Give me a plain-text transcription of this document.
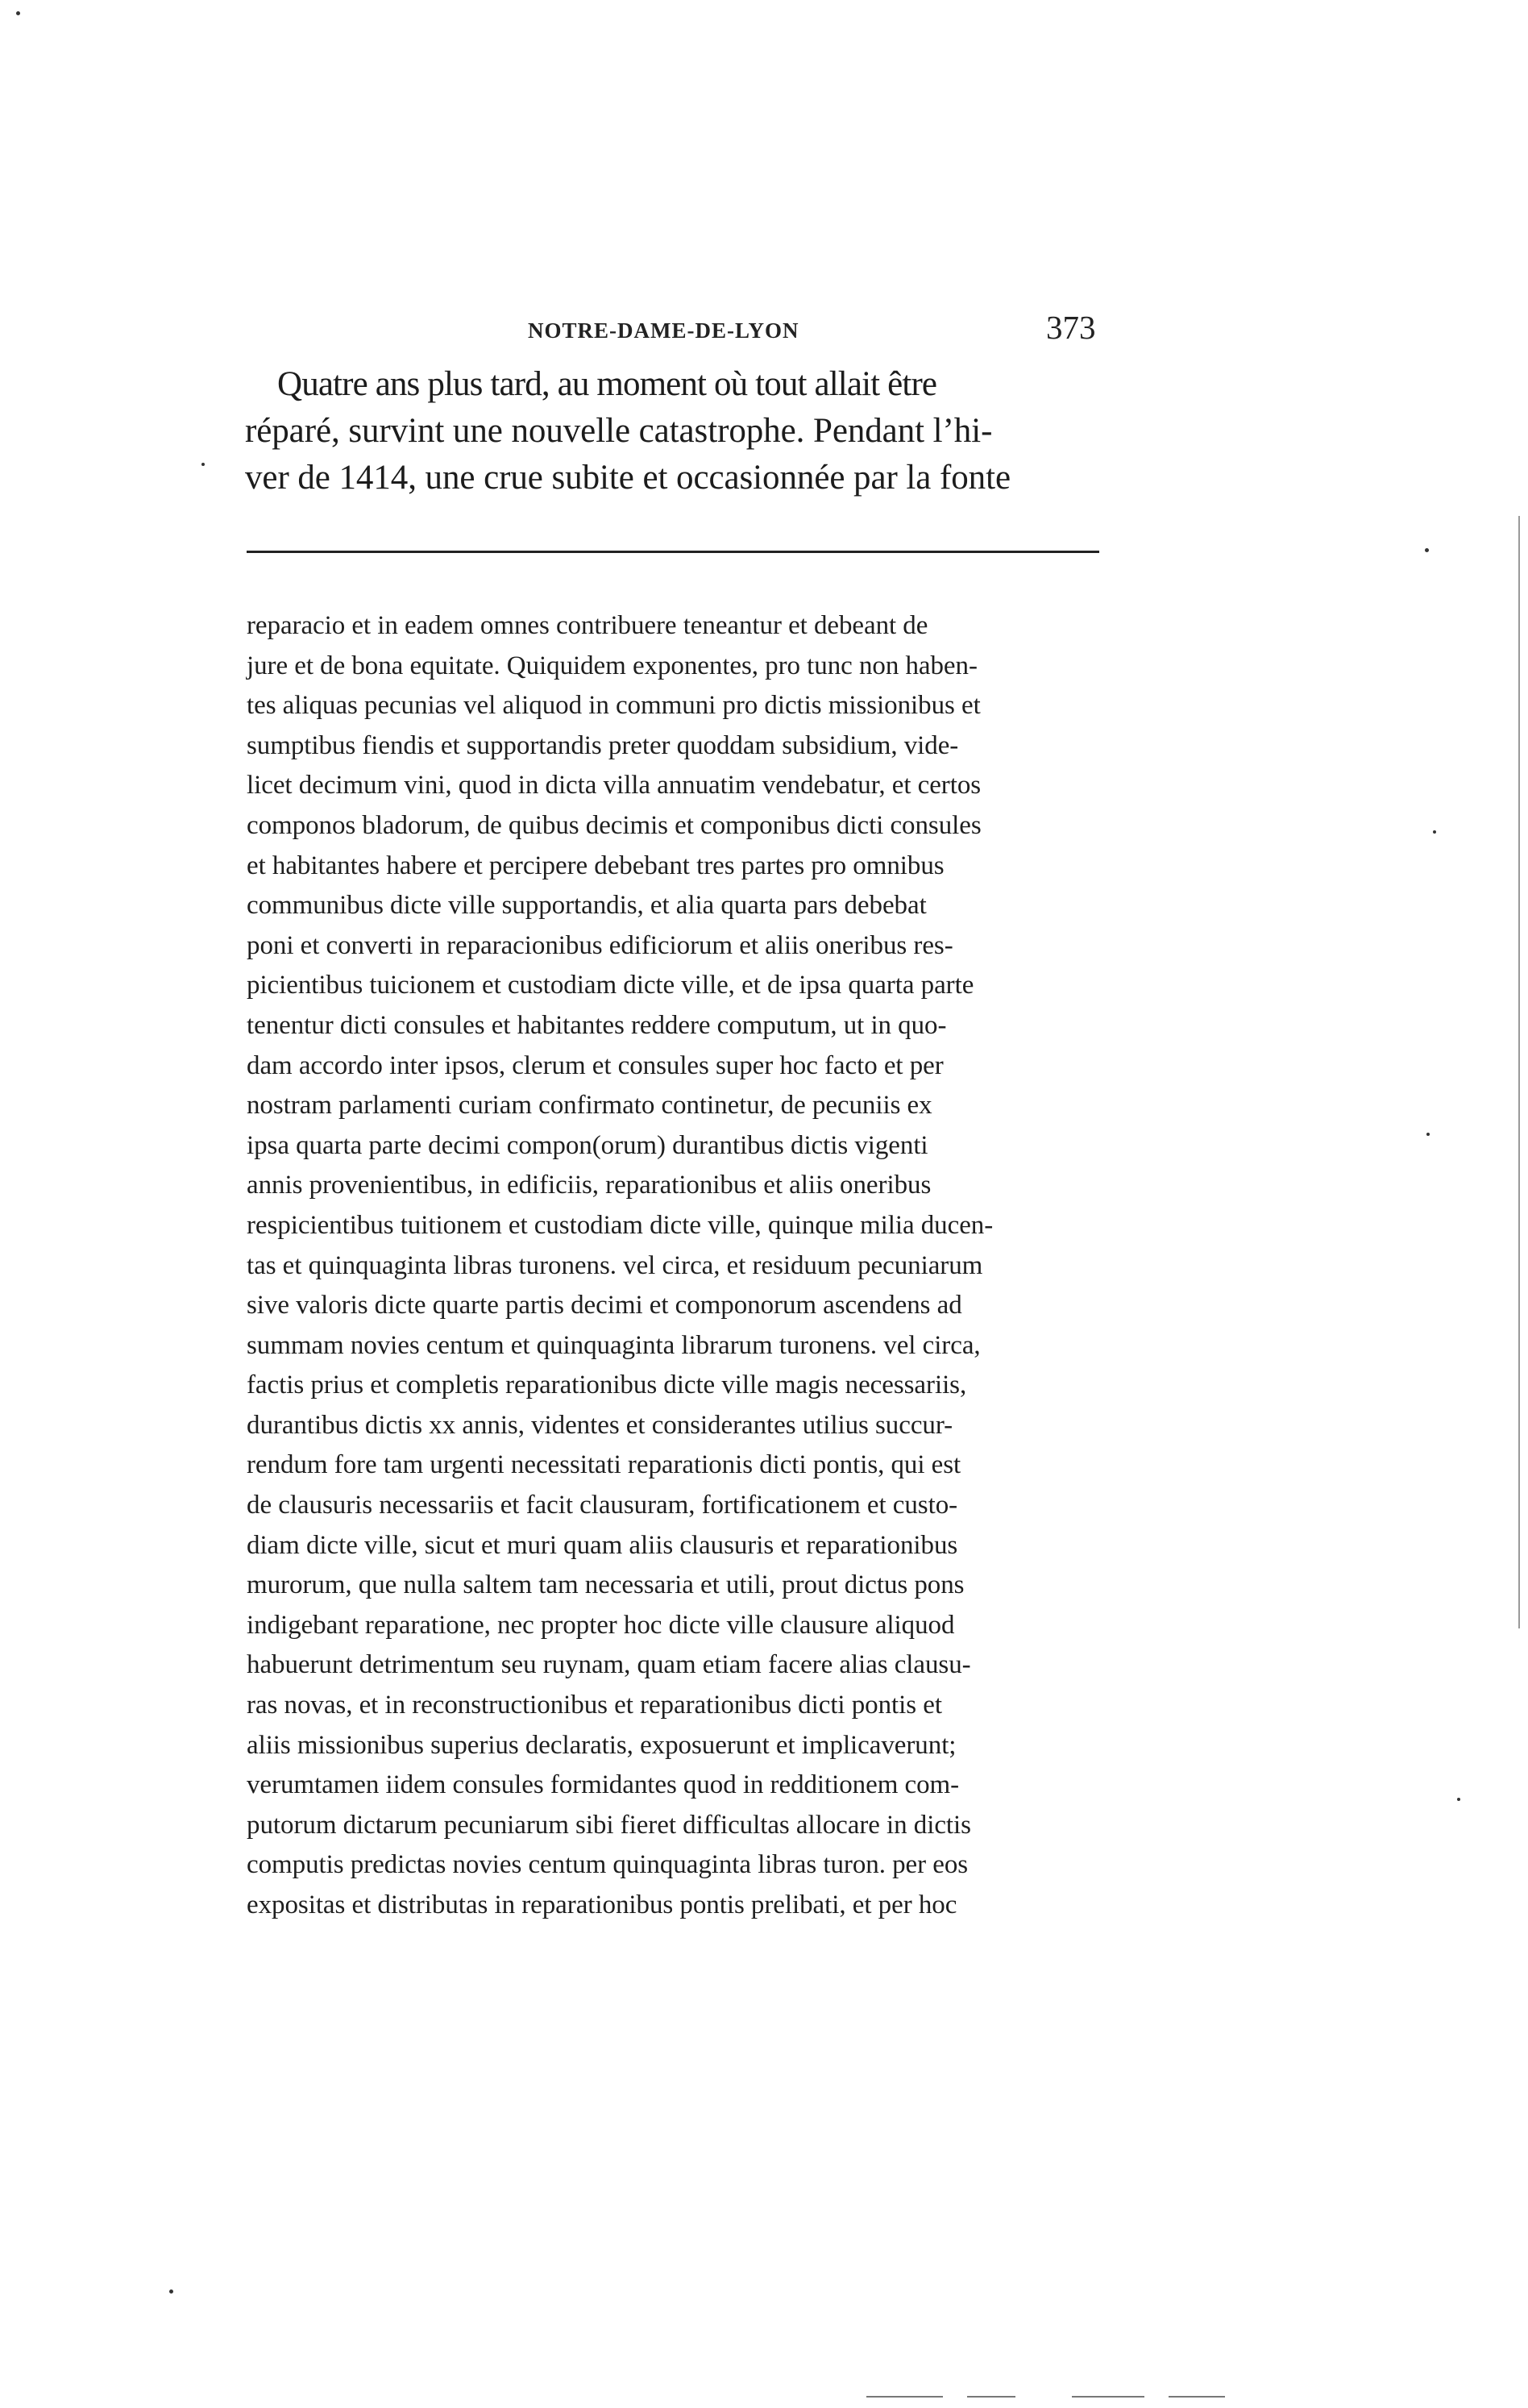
NOTRE-DAME-DE-LYON	373
Quatre ans plus tard, au moment où tout allait être
réparé, survint une nouvelle catastrophe. Pendant l’hi-
ver de 1414, une crue subite et occasionnée par la fonte
reparacio et in eadem omnes contribuere teneantur et debeant de
jure et de bona equitate. Quiquidem exponentes, pro tunc non haben-
tes aliquas pecunias vel aliquod in communi pro dictis missionibus et
sumptibus fiendis et supportandis preter quoddam subsidium, vide-
licet decimum vini, quod in dicta villa annuatim vendebatur, et certos
componos bladorum, de quibus decimis et componibus dicti consules
et habitantes habere et percipere debebant tres partes pro omnibus
communibus dicte ville supportandis, et alia quarta pars debebat
poni et converti in reparacionibus edificiorum et aliis oneribus res-
picientibus tuicionem et custodiam dicte ville, et de ipsa quarta parte
tenentur dicti consules et habitantes reddere computum, ut in quo-
dam accordo inter ipsos, clerum et consules super hoc facto et per
nostram parlamenti curiam confirmato continetur, de pecuniis ex
ipsa quarta parte decimi compon(orum) durantibus dictis vigenti
annis provenientibus, in edificiis, reparationibus et aliis oneribus
respicientibus tuitionem et custodiam dicte ville, quinque milia ducen-
tas et quinquaginta libras turonens. vel circa, et residuum pecuniarum
sive valoris dicte quarte partis decimi et componorum ascendens ad
summam novies centum et quinquaginta librarum turonens. vel circa,
factis prius et completis reparationibus dicte ville magis necessariis,
durantibus dictis xx annis, videntes et considerantes utilius succur-
rendum fore tam urgenti necessitati reparationis dicti pontis, qui est
de clausuris necessariis et facit clausuram, fortificationem et custo-
diam dicte ville, sicut et muri quam aliis clausuris et reparationibus
murorum, que nulla saltem tam necessaria et utili, prout dictus pons
indigebant reparatione, nec propter hoc dicte ville clausure aliquod
habuerunt detrimentum seu ruynam, quam etiam facere alias clausu-
ras novas, et in reconstructionibus et reparationibus dicti pontis et
aliis missionibus superius declaratis, exposuerunt et implicaverunt;
verumtamen iidem consules formidantes quod in redditionem com-
putorum dictarum pecuniarum sibi fieret difficultas allocare in dictis
computis predictas novies centum quinquaginta libras turon. per eos
expositas et distributas in reparationibus pontis prelibati, et per hoc
